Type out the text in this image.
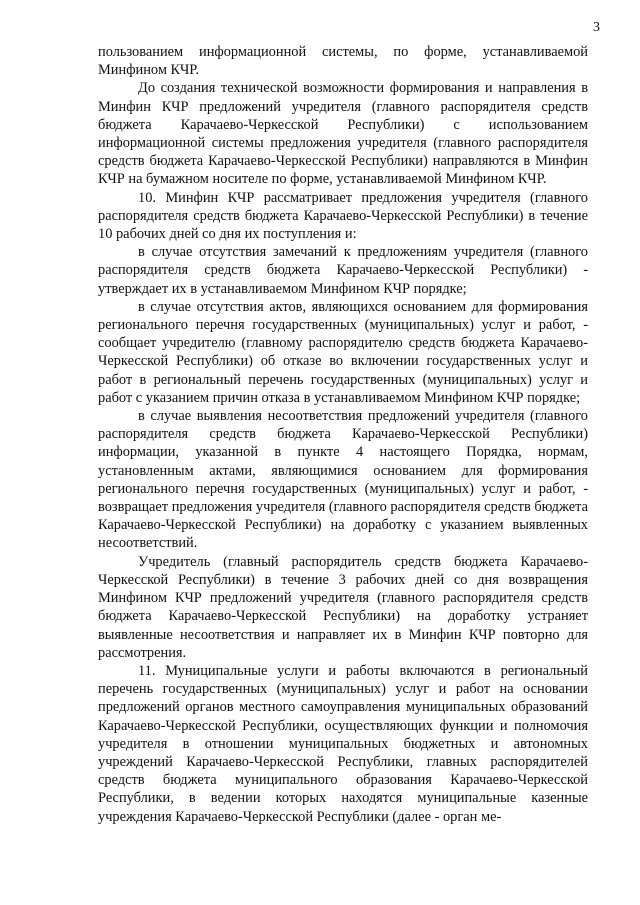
3

пользованием информационной системы, по форме, устанавливаемой Минфином КЧР.

До создания технической возможности формирования и направления в Минфин КЧР предложений учредителя (главного распорядителя средств бюджета Карачаево-Черкесской Республики) с использованием информационной системы предложения учредителя (главного распорядителя средств бюджета Карачаево-Черкесской Республики) направляются в Минфин КЧР на бумажном носителе по форме, устанавливаемой Минфином КЧР.

10. Минфин КЧР рассматривает предложения учредителя (главного распорядителя средств бюджета Карачаево-Черкесской Республики) в течение 10 рабочих дней со дня их поступления и:

в случае отсутствия замечаний к предложениям учредителя (главного распорядителя средств бюджета Карачаево-Черкесской Республики) - утверждает их в устанавливаемом Минфином КЧР порядке;

в случае отсутствия актов, являющихся основанием для формирования регионального перечня государственных (муниципальных) услуг и работ, - сообщает учредителю (главному распорядителю средств бюджета Карачаево-Черкесской Республики) об отказе во включении государственных услуг и работ в региональный перечень государственных (муниципальных) услуг и работ с указанием причин отказа в устанавливаемом Минфином КЧР порядке;

в случае выявления несоответствия предложений учредителя (главного распорядителя средств бюджета Карачаево-Черкесской Республики) информации, указанной в пункте 4 настоящего Порядка, нормам, установленным актами, являющимися основанием для формирования регионального перечня государственных (муниципальных) услуг и работ, - возвращает предложения учредителя (главного распорядителя средств бюджета Карачаево-Черкесской Республики) на доработку с указанием выявленных несоответствий.

Учредитель (главный распорядитель средств бюджета Карачаево-Черкесской Республики) в течение 3 рабочих дней со дня возвращения Минфином КЧР предложений учредителя (главного распорядителя средств бюджета Карачаево-Черкесской Республики) на доработку устраняет выявленные несоответствия и направляет их в Минфин КЧР повторно для рассмотрения.

11. Муниципальные услуги и работы включаются в региональный перечень государственных (муниципальных) услуг и работ на основании предложений органов местного самоуправления муниципальных образований Карачаево-Черкесской Республики, осуществляющих функции и полномочия учредителя в отношении муниципальных бюджетных и автономных учреждений Карачаево-Черкесской Республики, главных распорядителей средств бюджета муниципального образования Карачаево-Черкесской Республики, в ведении которых находятся муниципальные казенные учреждения Карачаево-Черкесской Республики (далее - орган ме-
